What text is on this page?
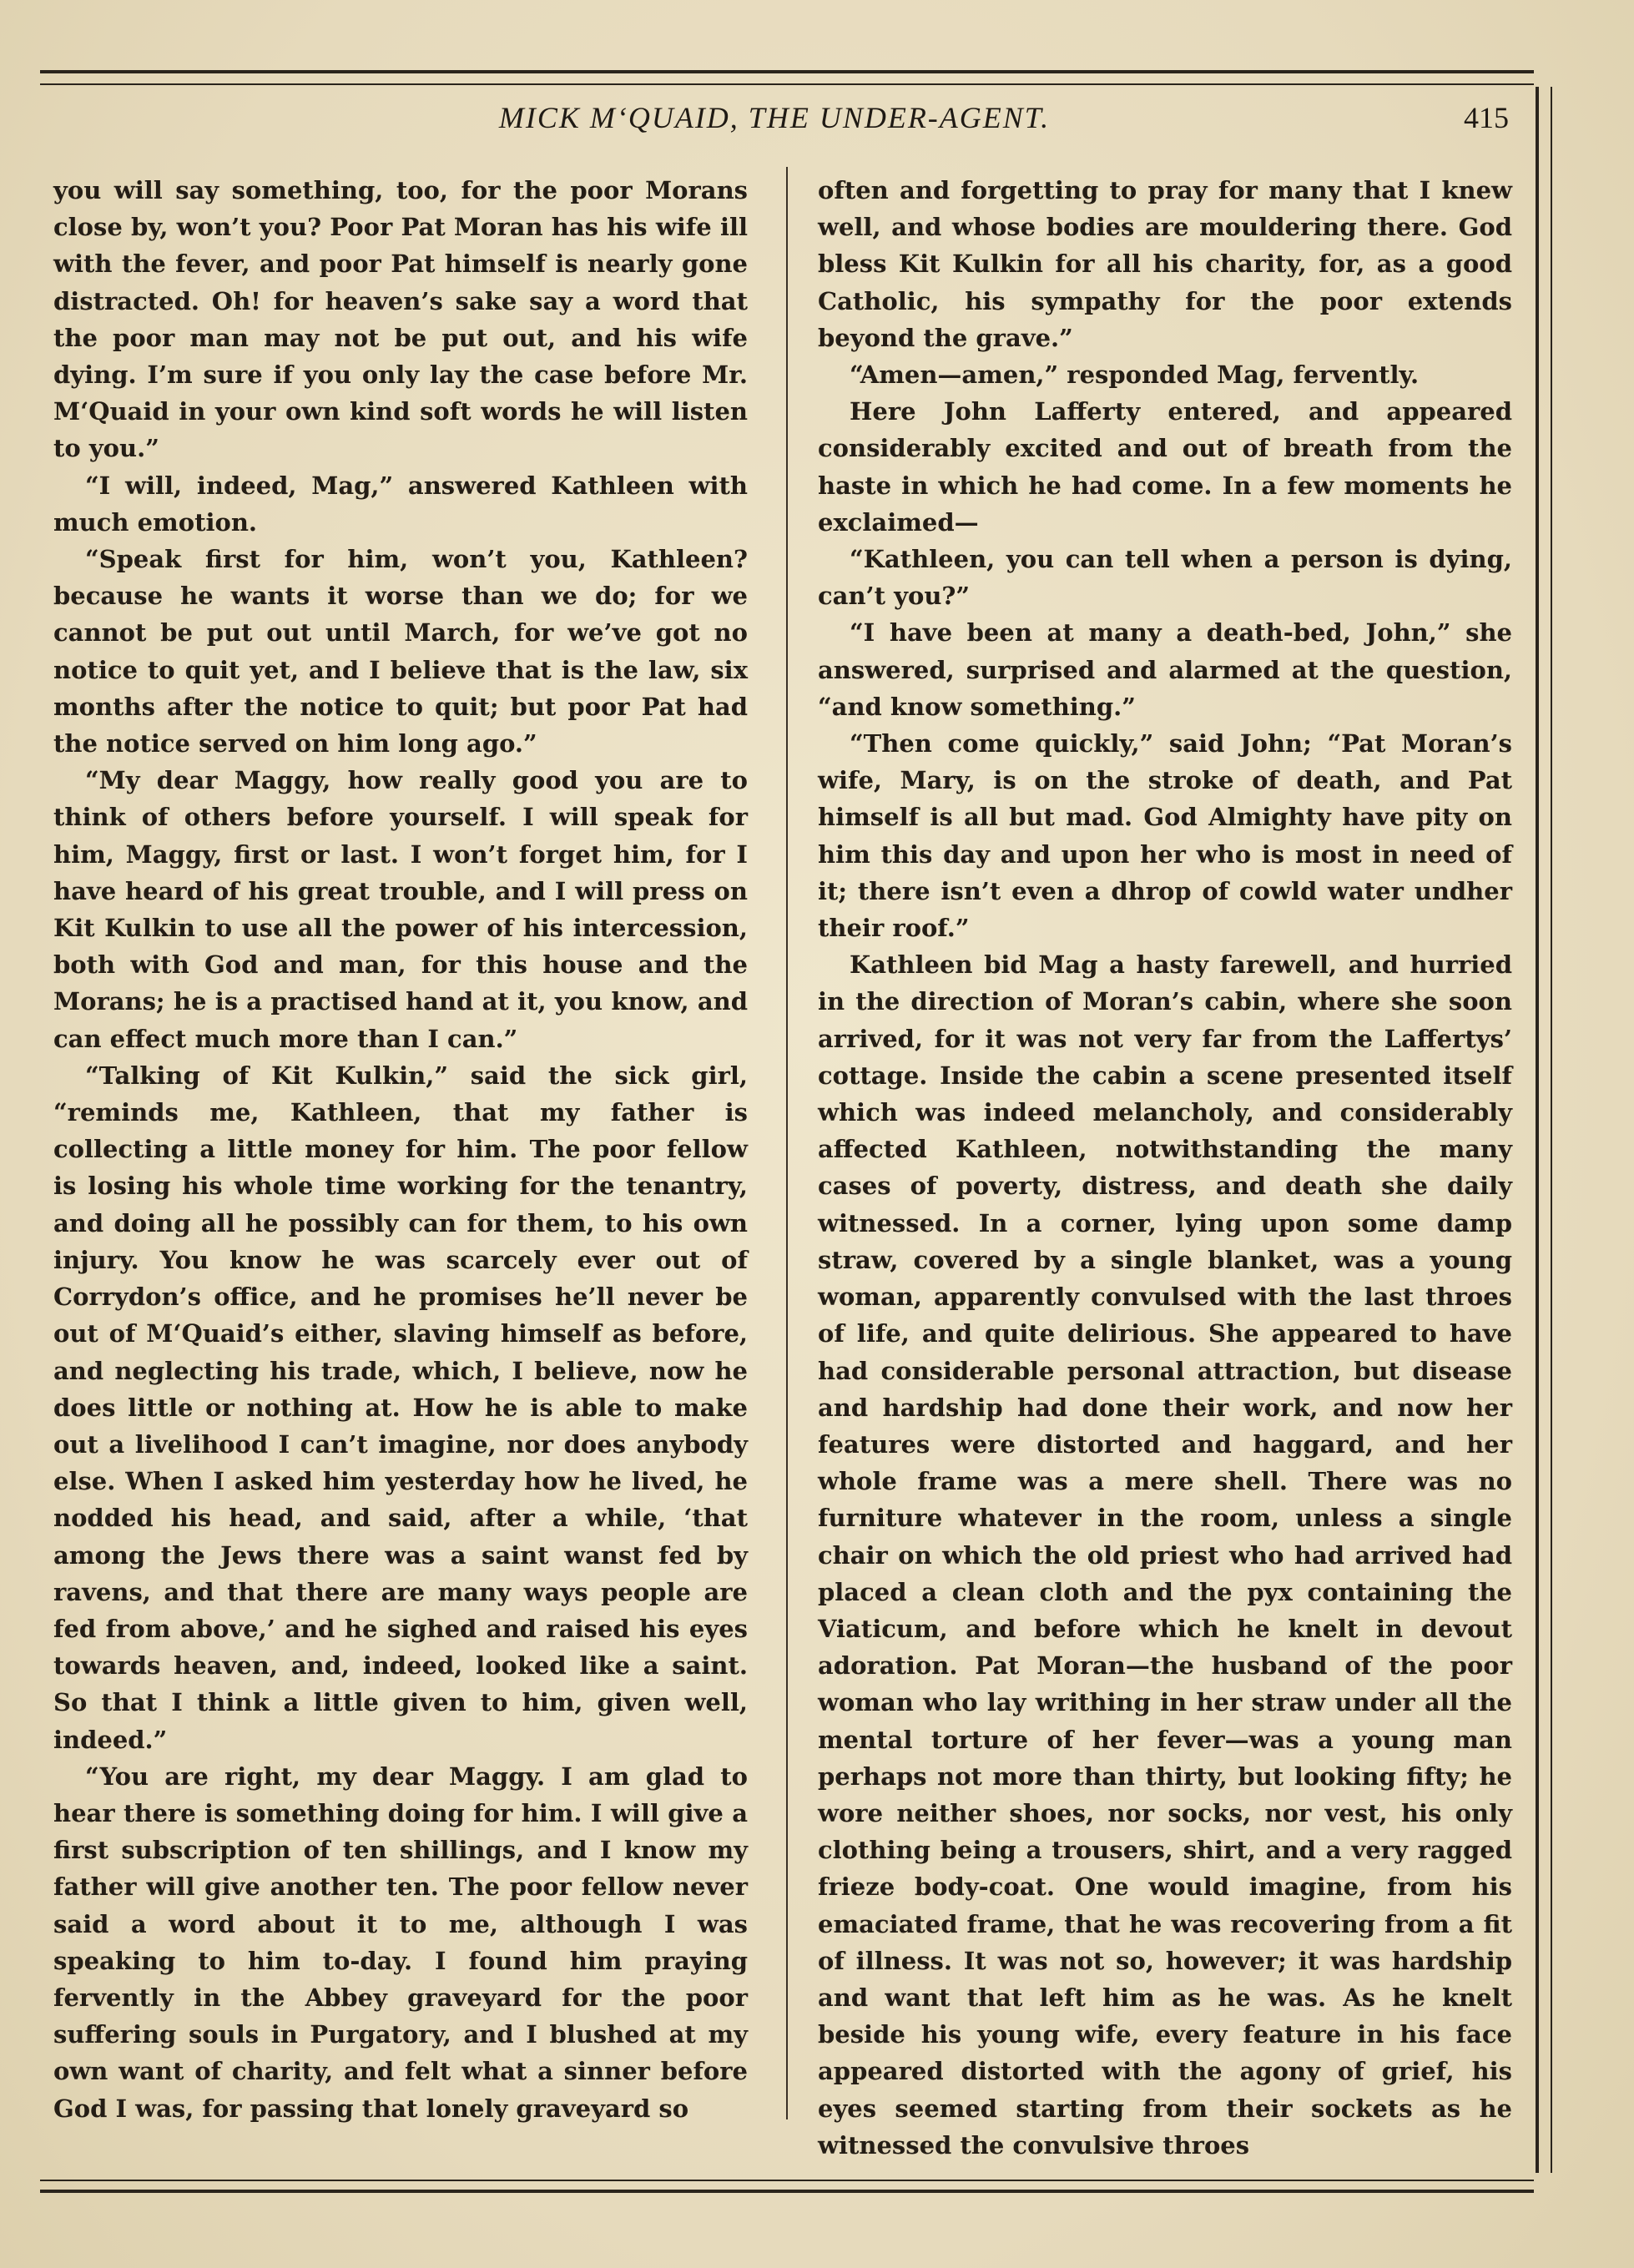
MICK M‘QUAID, THE UNDER-AGENT.	415

you will say something, too, for the poor Morans close by, won’t you? Poor Pat Moran has his wife ill with the fever, and poor Pat himself is nearly gone distracted. Oh! for heaven’s sake say a word that the poor man may not be put out, and his wife dying. I’m sure if you only lay the case before Mr. M‘Quaid in your own kind soft words he will listen to you.”

“I will, indeed, Mag,” answered Kathleen with much emotion.

“Speak first for him, won’t you, Kathleen? because he wants it worse than we do; for we cannot be put out until March, for we’ve got no notice to quit yet, and I believe that is the law, six months after the notice to quit; but poor Pat had the notice served on him long ago.”

“My dear Maggy, how really good you are to think of others before yourself. I will speak for him, Maggy, first or last. I won’t forget him, for I have heard of his great trouble, and I will press on Kit Kulkin to use all the power of his intercession, both with God and man, for this house and the Morans; he is a practised hand at it, you know, and can effect much more than I can.”

“Talking of Kit Kulkin,” said the sick girl, “reminds me, Kathleen, that my father is collecting a little money for him. The poor fellow is losing his whole time working for the tenantry, and doing all he possibly can for them, to his own injury. You know he was scarcely ever out of Corrydon’s office, and he promises he’ll never be out of M‘Quaid’s either, slaving himself as before, and neglecting his trade, which, I believe, now he does little or nothing at. How he is able to make out a livelihood I can’t imagine, nor does anybody else. When I asked him yesterday how he lived, he nodded his head, and said, after a while, ‘that among the Jews there was a saint wanst fed by ravens, and that there are many ways people are fed from above,’ and he sighed and raised his eyes towards heaven, and, indeed, looked like a saint. So that I think a little given to him, given well, indeed.”

“You are right, my dear Maggy. I am glad to hear there is something doing for him. I will give a first subscription of ten shillings, and I know my father will give another ten. The poor fellow never said a word about it to me, although I was speaking to him to-day. I found him praying fervently in the Abbey graveyard for the poor suffering souls in Purgatory, and I blushed at my own want of charity, and felt what a sinner before God I was, for passing that lonely graveyard so

often and forgetting to pray for many that I knew well, and whose bodies are mouldering there. God bless Kit Kulkin for all his charity, for, as a good Catholic, his sympathy for the poor extends beyond the grave.”

“Amen—amen,” responded Mag, fervently.

Here John Lafferty entered, and appeared considerably excited and out of breath from the haste in which he had come. In a few moments he exclaimed—

“Kathleen, you can tell when a person is dying, can’t you?”

“I have been at many a death-bed, John,” she answered, surprised and alarmed at the question, “and know something.”

“Then come quickly,” said John; “Pat Moran’s wife, Mary, is on the stroke of death, and Pat himself is all but mad. God Almighty have pity on him this day and upon her who is most in need of it; there isn’t even a dhrop of cowld water undher their roof.”

Kathleen bid Mag a hasty farewell, and hurried in the direction of Moran’s cabin, where she soon arrived, for it was not very far from the Laffertys’ cottage. Inside the cabin a scene presented itself which was indeed melancholy, and considerably affected Kathleen, notwithstanding the many cases of poverty, distress, and death she daily witnessed. In a corner, lying upon some damp straw, covered by a single blanket, was a young woman, apparently convulsed with the last throes of life, and quite delirious. She appeared to have had considerable personal attraction, but disease and hardship had done their work, and now her features were distorted and haggard, and her whole frame was a mere shell. There was no furniture whatever in the room, unless a single chair on which the old priest who had arrived had placed a clean cloth and the pyx containing the Viaticum, and before which he knelt in devout adoration. Pat Moran—the husband of the poor woman who lay writhing in her straw under all the mental torture of her fever—was a young man perhaps not more than thirty, but looking fifty; he wore neither shoes, nor socks, nor vest, his only clothing being a trousers, shirt, and a very ragged frieze body-coat. One would imagine, from his emaciated frame, that he was recovering from a fit of illness. It was not so, however; it was hardship and want that left him as he was. As he knelt beside his young wife, every feature in his face appeared distorted with the agony of grief, his eyes seemed starting from their sockets as he witnessed the convulsive throes
